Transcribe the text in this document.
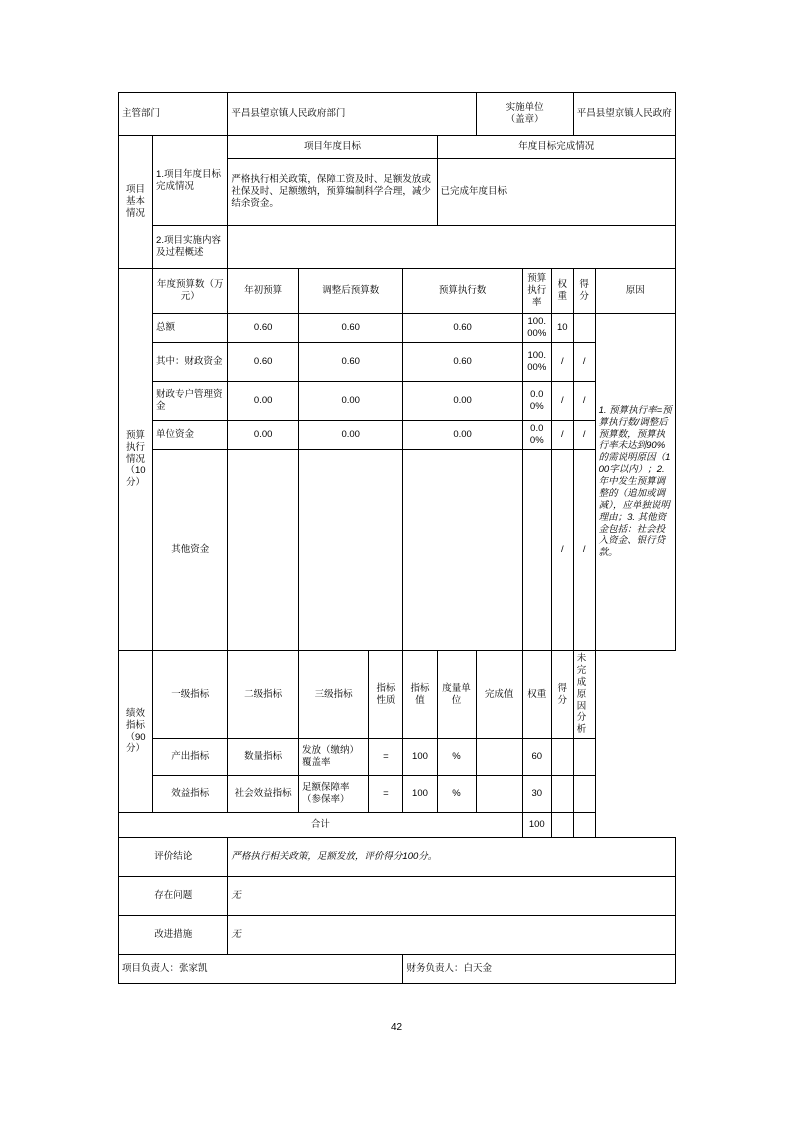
主管部门		平昌县望京镇人民政府部门					实施单位
（盖章）			平昌县望京镇人民政府	
项目基本情况	1.项目年度目标完成情况	项目年度目标				年度目标完成情况					
		严格执行相关政策，保障工资及时、足额发放或社保及时、足额缴纳，预算编制科学合理，减少结余资金。				已完成年度目标					
	2.项目实施内容及过程概述										
预算执行情况（10分）	年度预算数（万元）	年初预算	调整后预算数		预算执行数			预算执行率	权重	得分	原因
	总额	0.60	0.60		0.60			100.00%	10		1. 预算执行率=预算执行数/调整后预算数，预算执行率未达到90%的需说明原因（100字以内）；2. 年中发生预算调整的（追加或调减），应单独说明理由；3. 其他资金包括：社会投入资金、银行贷款。
	其中：财政资金	0.60	0.60		0.60			100.00%	/	/	
	财政专户管理资金	0.00	0.00		0.00			0.00%	/	/	
	单位资金	0.00	0.00		0.00			0.00%	/	/	
	其他资金								/	/	
绩效指标（90分）	一级指标	二级指标	三级指标	指标性质	指标值	度量单位	完成值	权重	得分	未完成原因分析	
	产出指标	数量指标	发放（缴纳）覆盖率	=	100	%		60			
	效益指标	社会效益指标	足额保障率（参保率）	=	100	%		30			
合计								100			
评价结论		严格执行相关政策，足额发放，评价得分100分。									
存在问题		无									
改进措施		无									
项目负责人：张家凯					财务负责人：白天金						
42
